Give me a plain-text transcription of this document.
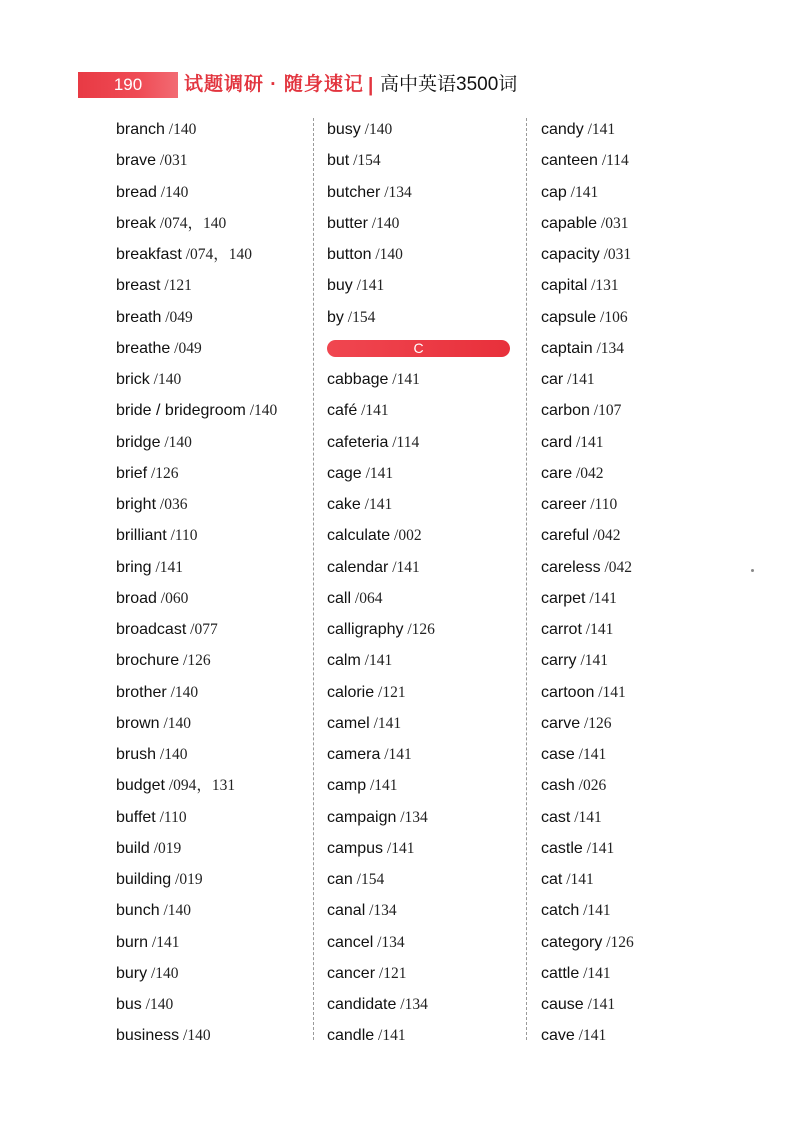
190	试题调研 · 随身速记 | 高中英语3500词
branch /140
brave /031
bread /140
break /074，140
breakfast /074，140
breast /121
breath /049
breathe /049
brick /140
bride / bridegroom /140
bridge /140
brief /126
bright /036
brilliant /110
bring /141
broad /060
broadcast /077
brochure /126
brother /140
brown /140
brush /140
budget /094，131
buffet /110
build /019
building /019
bunch /140
burn /141
bury /140
bus /140
business /140
busy /140
but /154
butcher /134
butter /140
button /140
buy /141
by /154
C
cabbage /141
café /141
cafeteria /114
cage /141
cake /141
calculate /002
calendar /141
call /064
calligraphy /126
calm /141
calorie /121
camel /141
camera /141
camp /141
campaign /134
campus /141
can /154
canal /134
cancel /134
cancer /121
candidate /134
candle /141
candy /141
canteen /114
cap /141
capable /031
capacity /031
capital /131
capsule /106
captain /134
car /141
carbon /107
card /141
care /042
career /110
careful /042
careless /042
carpet /141
carrot /141
carry /141
cartoon /141
carve /126
case /141
cash /026
cast /141
castle /141
cat /141
catch /141
category /126
cattle /141
cause /141
cave /141
